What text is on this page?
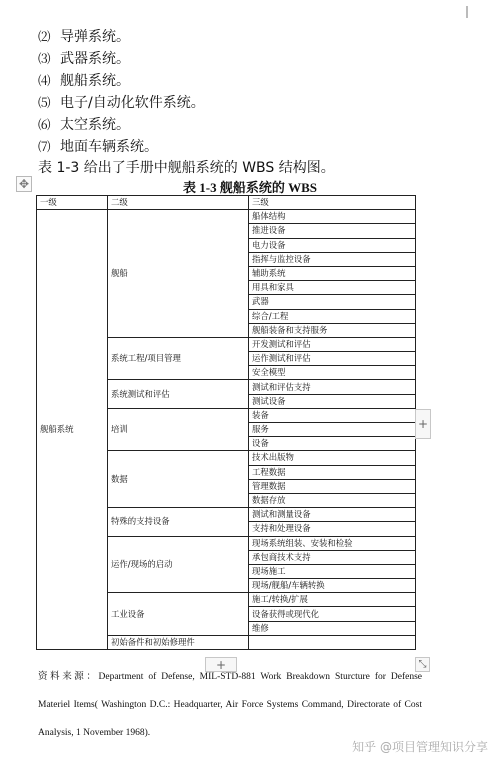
⑵ 导弹系统。
⑶ 武器系统。
⑷ 舰船系统。
⑸ 电子/自动化软件系统。
⑹ 太空系统。
⑺ 地面车辆系统。
表 1-3 给出了手册中舰船系统的 WBS 结构图。
✥	表 1-3 舰船系统的 WBS
一级	二级	三级
舰船系统	舰船	船体结构
		推进设备
		电力设备
		指挥与监控设备
		辅助系统
		用具和家具
		武器
		综合/工程
		舰船装备和支持服务
	系统工程/项目管理	开发测试和评估
		运作测试和评估
		安全模型
	系统测试和评估	测试和评估支持
		测试设备
	培训	装备
		服务
		设备
	数据	技术出版物
		工程数据
		管理数据
		数据存放
	特殊的支持设备	测试和测量设备
		支持和处理设备
	运作/现场的启动	现场系统组装、安装和检验
		承包商技术支持
		现场施工
		现场/舰船/车辆转换
	工业设备	施工/转换/扩展
		设备获得或现代化
		维修
	初始备件和初始修理件	
+
+	⤡
资料来源：Department of Defense, MIL-STD-881 Work Breakdown Sturcture for Defense Materiel Items( Washington D.C.: Headquarter, Air Force Systems Command, Directorate of Cost Analysis, 1 November 1968).
知乎 @项目管理知识分享
